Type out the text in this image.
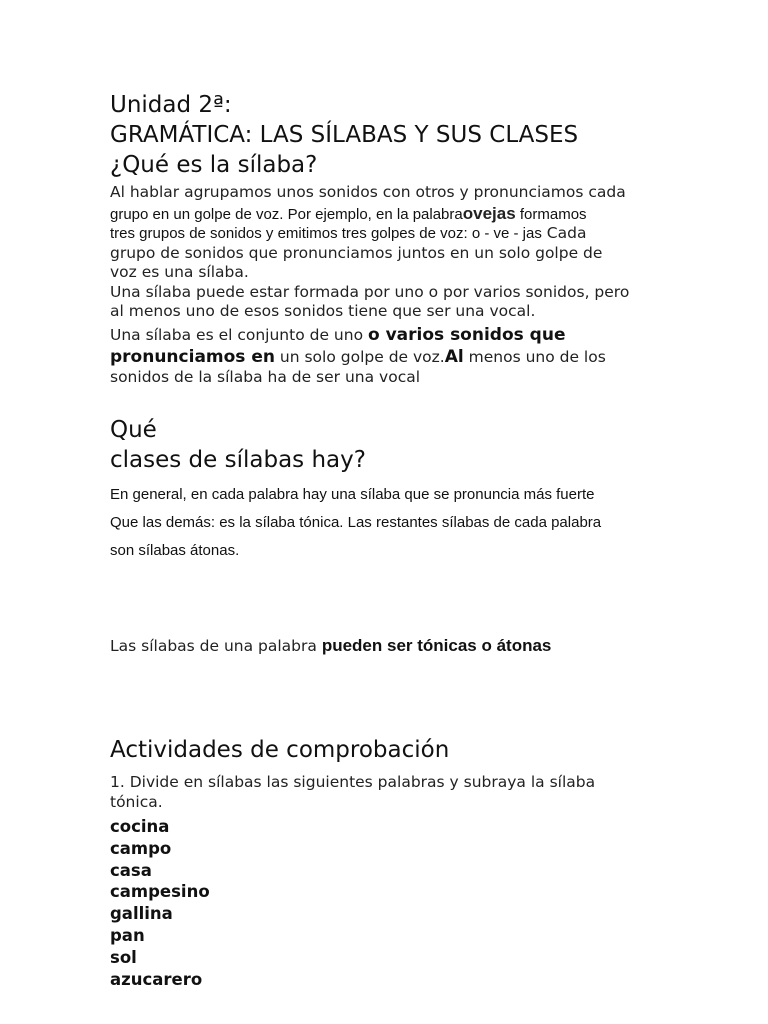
Unidad 2ª:

GRAMÁTICA: LAS SÍLABAS Y SUS CLASES

¿Qué es la sílaba?

Al hablar agrupamos unos sonidos con otros y pronunciamos cada

grupo en un golpe de voz. Por ejemplo, en la palabraovejas formamos

tres grupos de sonidos y emitimos tres golpes de voz: o - ve - jas Cada

grupo de sonidos que pronunciamos juntos en un solo golpe de

voz es una sílaba.

Una sílaba puede estar formada por uno o por varios sonidos, pero

al menos uno de esos sonidos tiene que ser una vocal.

Una sílaba es el conjunto de uno o varios sonidos que

pronunciamos en un solo golpe de voz.Al menos uno de los

sonidos de la sílaba ha de ser una vocal

Qué

clases de sílabas hay?

En general, en cada palabra hay una sílaba que se pronuncia más fuerte

Que las demás: es la sílaba tónica. Las restantes sílabas de cada palabra

son sílabas átonas.

Las sílabas de una palabra pueden ser tónicas o átonas

Actividades de comprobación

1. Divide en sílabas las siguientes palabras y subraya la sílaba

tónica.

cocina
campo
casa
campesino
gallina
pan
sol
azucarero
